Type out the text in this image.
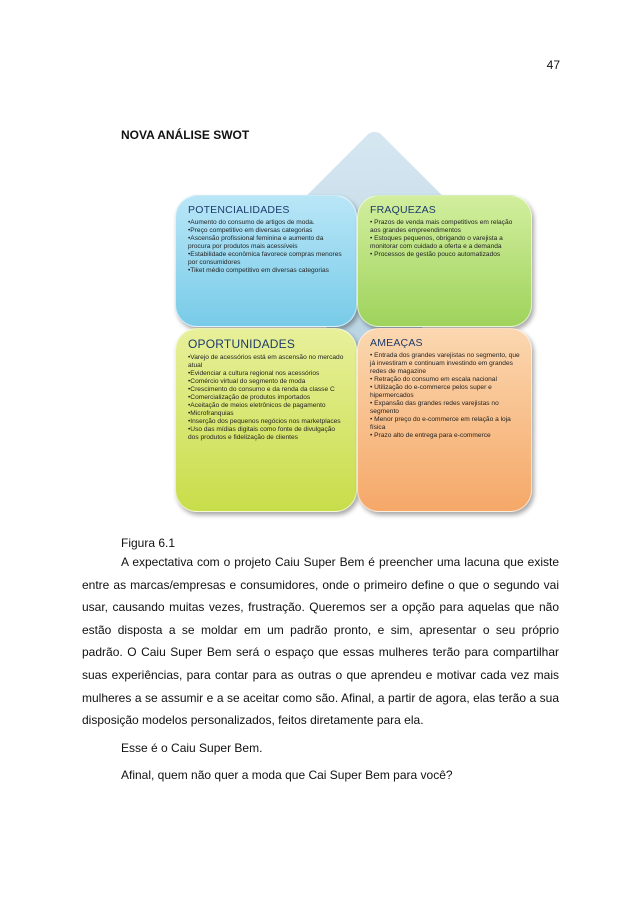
47
NOVA ANÁLISE SWOT
POTENCIALIDADES
•Aumento do consumo de artigos de moda.
•Preço competitivo em diversas categorias
•Ascensão profissional feminina e aumento da procura por produtos mais acessíveis
•Estabilidade econômica favorece compras menores por consumidores
•Tiket médio competitivo em diversas categorias
FRAQUEZAS
• Prazos de venda mais competitivos em relação aos grandes empreendimentos
• Estoques pequenos, obrigando o varejista a monitorar com cuidado a oferta e a demanda
• Processos de gestão pouco automatizados
OPORTUNIDADES
•Varejo de acessórios está em ascensão no mercado atual
•Evidenciar a cultura regional nos acessórios
•Comércio virtual do segmento de moda
•Crescimento do consumo e da renda da classe C
•Comercialização de produtos importados
•Aceitação de meios eletrônicos de pagamento
•Microfranquias
•Inserção dos pequenos negócios nos marketplaces
•Uso das mídias digitais como fonte de divulgação dos produtos e fidelização de clientes
AMEAÇAS
• Entrada dos grandes varejistas no segmento, que já investiram e continuam investindo em grandes redes de magazine
• Retração do consumo em escala nacional
• Utilização do e-commerce pelos super e hipermercados
• Expansão das grandes redes varejistas no segmento
• Menor preço do e-commerce em relação a loja física
• Prazo alto de entrega para e-commerce
Figura 6.1

A expectativa com o projeto Caiu Super Bem é preencher uma lacuna que existe entre as marcas/empresas e consumidores, onde o primeiro define o que o segundo vai usar, causando muitas vezes, frustração. Queremos ser a opção para aquelas que não estão disposta a se moldar em um padrão pronto, e sim, apresentar o seu próprio padrão. O Caiu Super Bem será o espaço que essas mulheres terão para compartilhar suas experiências, para contar para as outras o que aprendeu e motivar cada vez mais mulheres a se assumir e a se aceitar como são. Afinal, a partir de agora, elas terão a sua disposição modelos personalizados, feitos diretamente para ela.

Esse é o Caiu Super Bem.

Afinal, quem não quer a moda que Cai Super Bem para você?
